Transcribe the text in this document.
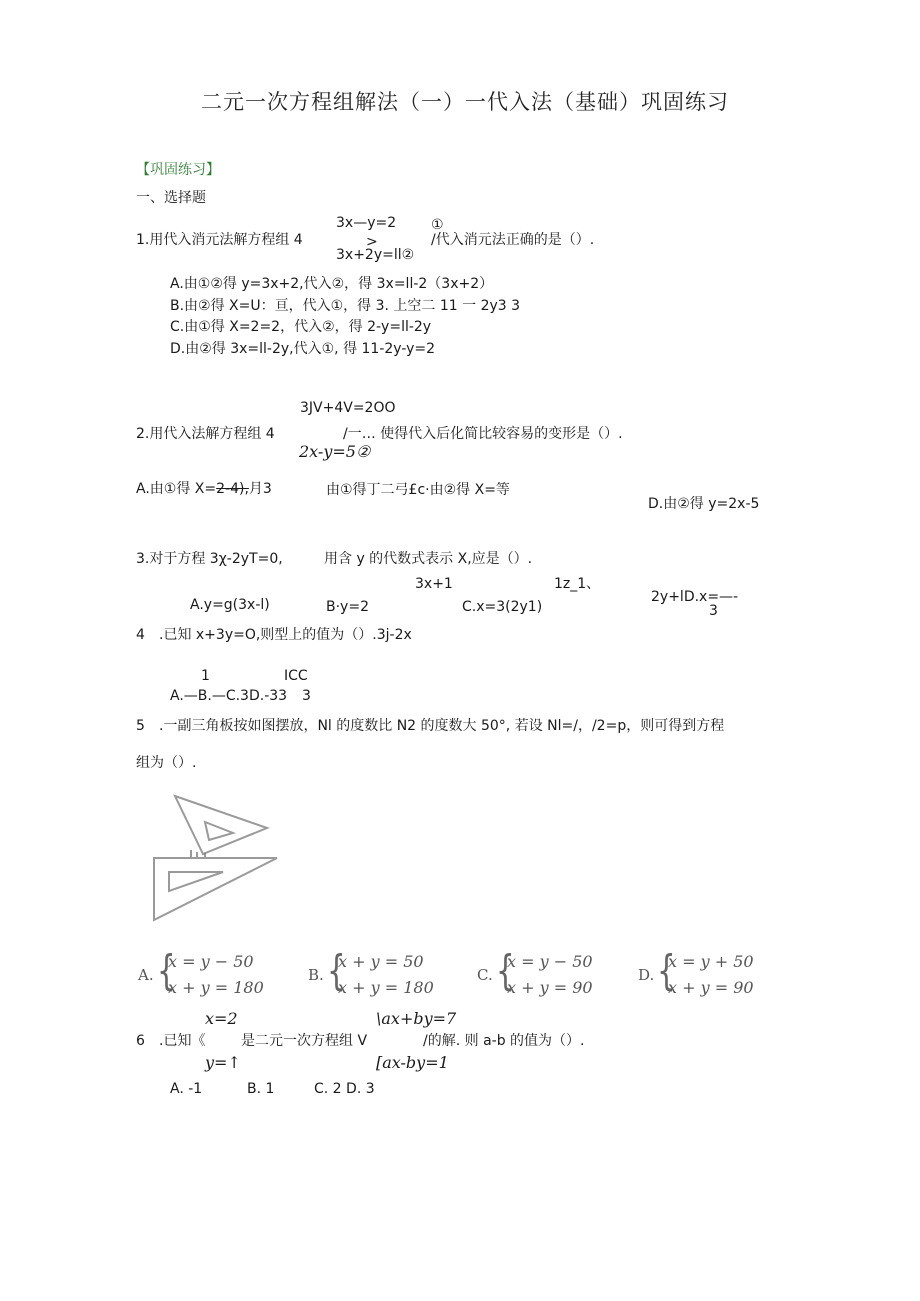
二元一次方程组解法（一）一代入法（基础）巩固练习
【巩固练习】
一、选择题
3x—y=2 ①
1.用代入消元法解方程组 4	>	/代入消元法正确的是（）.
3x+2y=ll②
A.由①②得 y=3x+2,代入②，得 3x=ll-2（3x+2）
B.由②得 X=U：亘，代入①，得 3. 上空二 11 一 2y3 3
C.由①得 X=2=2，代入②，得 2-y=ll-2y
D.由②得 3x=ll-2y,代入①, 得 11-2y-y=2
3JV+4V=2OO
2.用代入法解方程组 4	/一… 使得代入后化简比较容易的变形是（）.
2x-y=5②
A.由①得 X=2-4),月3	由①得丁二弓£c·由②得 X=等
D.由②得 y=2x-5
3.对于方程 3χ-2yT=0,	用含 y 的代数式表示 X,应是（）.
3x+1	1z_1、
A.y=g(3x-l)	B·y=2	C.x=3(2y1)
2y+lD.x=—-
3
4 .已知 x+3y=O,则型上的值为（）.3j-2x
1	ICC
A.—B.—C.3D.-33 3
5 .一副三角板按如图摆放，Nl 的度数比 N2 的度数大 50°, 若设 Nl=/，/2=p，则可得到方程
组为（）.
A. {
x = y − 50
x + y = 180
B. {
x + y = 50
x + y = 180
C. {
x = y − 50
x + y = 90
D. {
x = y + 50
x + y = 90
x=2	\ax+by=7
6 .已知《	是二元一次方程组 V	/的解. 则 a-b 的值为（）.
y=↑	[ax-by=1
A. -1	B. 1	C. 2 D. 3
